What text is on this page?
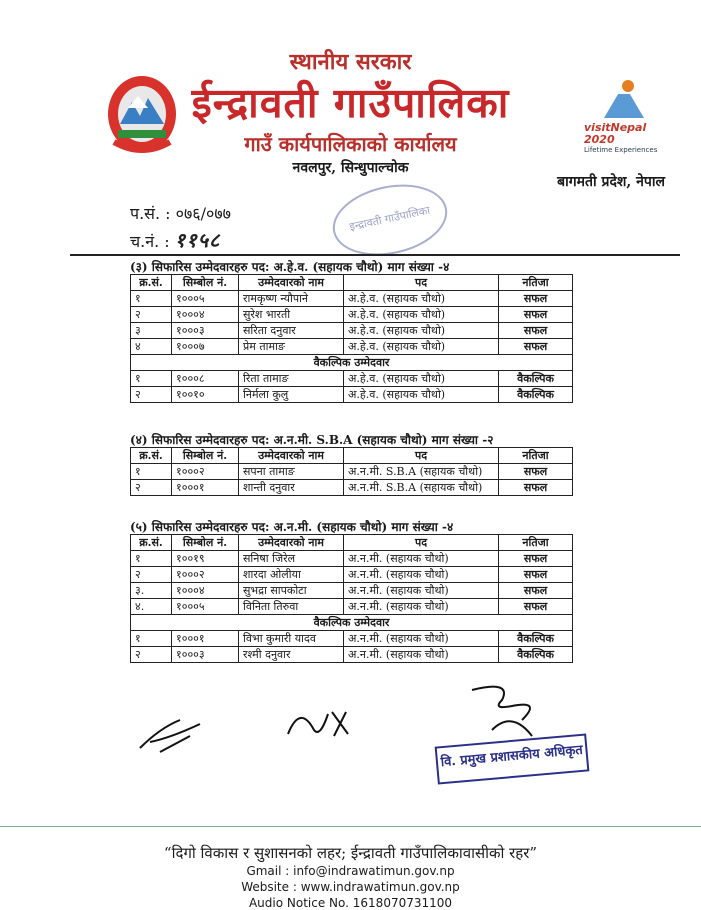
visitNepal 2020
Lifetime Experiences
स्थानीय सरकार
ईन्द्रावती गाउँपालिका
गाउँ कार्यपालिकाको कार्यालय
नवलपुर, सिन्धुपाल्चोक
बागमती प्रदेश, नेपाल
इन्द्रावती गाउँपालिका
प.सं. : ०७६/०७७
च.नं. : ११५८
(३) सिफारिस उम्मेदवारहरु पद: अ.हे.व. (सहायक चौथो) माग संख्या -४
क्र.सं.	सिम्बोल नं.	उम्मेदवारको नाम	पद	नतिजा
१	१०००५	रामकृष्ण न्यौपाने	अ.हे.व. (सहायक चौथो)	सफल
२	१०००४	सुरेश भारती	अ.हे.व. (सहायक चौथो)	सफल
३	१०००३	सरिता दनुवार	अ.हे.व. (सहायक चौथो)	सफल
४	१०००७	प्रेम तामाङ	अ.हे.व. (सहायक चौथो)	सफल
वैकल्पिक उम्मेदवार				
१	१०००८	रिता तामाङ	अ.हे.व. (सहायक चौथो)	वैकल्पिक
२	१००१०	निर्मला कुलु	अ.हे.व. (सहायक चौथो)	वैकल्पिक
(४) सिफारिस उम्मेदवारहरु पद: अ.न.मी. S.B.A (सहायक चौथो) माग संख्या -२
क्र.सं.	सिम्बोल नं.	उम्मेदवारको नाम	पद	नतिजा
१	१०००२	सपना तामाङ	अ.न.मी. S.B.A (सहायक चौथो)	सफल
२	१०००१	शान्ती दनुवार	अ.न.मी. S.B.A (सहायक चौथो)	सफल
(५) सिफारिस उम्मेदवारहरु पद: अ.न.मी. (सहायक चौथो) माग संख्या -४
क्र.सं.	सिम्बोल नं.	उम्मेदवारको नाम	पद	नतिजा
१	१००१९	सनिषा जिरेल	अ.न.मी. (सहायक चौथो)	सफल
२	१०००२	शारदा ओलीया	अ.न.मी. (सहायक चौथो)	सफल
३.	१०००४	सुभद्रा सापकोटा	अ.न.मी. (सहायक चौथो)	सफल
४.	१०००५	विनिता तिरुवा	अ.न.मी. (सहायक चौथो)	सफल
वैकल्पिक उम्मेदवार				
१	१०००१	विभा कुमारी यादव	अ.न.मी. (सहायक चौथो)	वैकल्पिक
२	१०००३	रश्मी दनुवार	अ.न.मी. (सहायक चौथो)	वैकल्पिक
वि. प्रमुख प्रशासकीय अधिकृत
“दिगो विकास र सुशासनको लहर; ईन्द्रावती गाउँपालिकावासीको रहर”
Gmail : info@indrawatimun.gov.np
Website : www.indrawatimun.gov.np
Audio Notice No. 1618070731100
